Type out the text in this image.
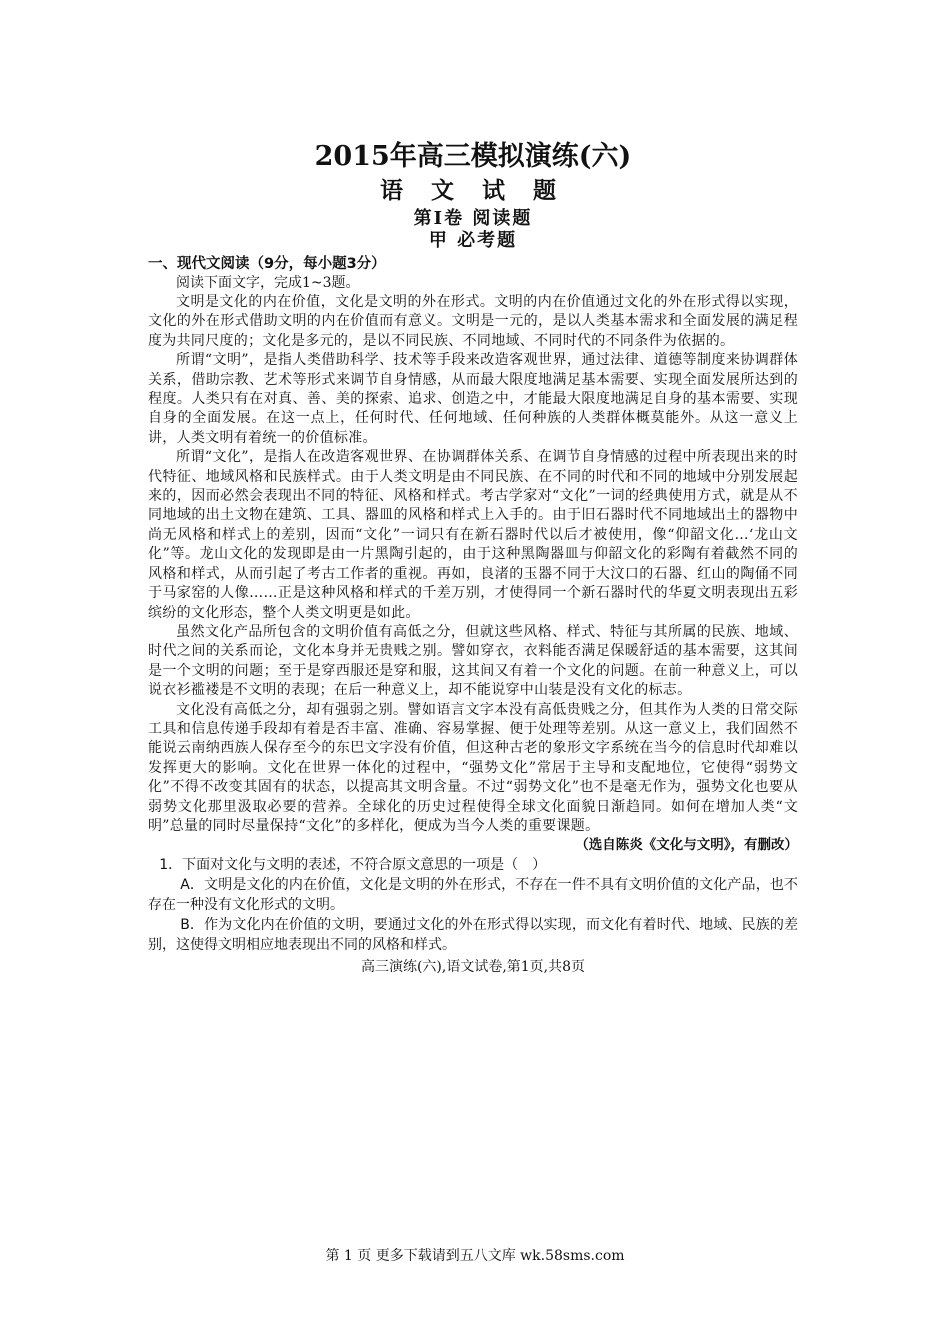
2015年高三模拟演练(六)
语 文 试 题
第Ⅰ卷 阅读题
甲 必考题
一、现代文阅读（9分，每小题3分）

阅读下面文字，完成1~3题。

文明是文化的内在价值，文化是文明的外在形式。文明的内在价值通过文化的外在形式得以实现，文化的外在形式借助文明的内在价值而有意义。文明是一元的，是以人类基本需求和全面发展的满足程度为共同尺度的；文化是多元的，是以不同民族、不同地域、不同时代的不同条件为依据的。

所谓“文明”，是指人类借助科学、技术等手段来改造客观世界，通过法律、道德等制度来协调群体关系，借助宗教、艺术等形式来调节自身情感，从而最大限度地满足基本需要、实现全面发展所达到的程度。人类只有在对真、善、美的探索、追求、创造之中，才能最大限度地满足自身的基本需要、实现自身的全面发展。在这一点上，任何时代、任何地域、任何种族的人类群体概莫能外。从这一意义上讲，人类文明有着统一的价值标准。

所谓“文化”，是指人在改造客观世界、在协调群体关系、在调节自身情感的过程中所表现出来的时代特征、地域风格和民族样式。由于人类文明是由不同民族、在不同的时代和不同的地域中分别发展起来的，因而必然会表现出不同的特征、风格和样式。考古学家对“文化”一词的经典使用方式，就是从不同地域的出土文物在建筑、工具、器皿的风格和样式上入手的。由于旧石器时代不同地域出土的器物中尚无风格和样式上的差别，因而“文化”一词只有在新石器时代以后才被使用，像“仰韶文化…‘龙山文化”等。龙山文化的发现即是由一片黑陶引起的，由于这种黑陶器皿与仰韶文化的彩陶有着截然不同的风格和样式，从而引起了考古工作者的重视。再如，良渚的玉器不同于大汶口的石器、红山的陶俑不同于马家窑的人像……正是这种风格和样式的千差万别，才使得同一个新石器时代的华夏文明表现出五彩缤纷的文化形态，整个人类文明更是如此。

虽然文化产品所包含的文明价值有高低之分，但就这些风格、样式、特征与其所属的民族、地域、时代之间的关系而论，文化本身并无贵贱之别。譬如穿衣，衣料能否满足保暖舒适的基本需要，这其间是一个文明的问题；至于是穿西服还是穿和服，这其间又有着一个文化的问题。在前一种意义上，可以说衣衫褴褛是不文明的表现；在后一种意义上，却不能说穿中山装是没有文化的标志。

文化没有高低之分，却有强弱之别。譬如语言文字本没有高低贵贱之分，但其作为人类的日常交际工具和信息传递手段却有着是否丰富、准确、容易掌握、便于处理等差别。从这一意义上，我们固然不能说云南纳西族人保存至今的东巴文字没有价值，但这种古老的象形文字系统在当今的信息时代却难以发挥更大的影响。文化在世界一体化的过程中，“强势文化”常居于主导和支配地位，它使得“弱势文化”不得不改变其固有的状态，以提高其文明含量。不过“弱势文化”也不是毫无作为，强势文化也要从弱势文化那里汲取必要的营养。全球化的历史过程使得全球文化面貌日渐趋同。如何在增加人类“文明”总量的同时尽量保持“文化”的多样化，便成为当今人类的重要课题。

（选自陈炎《文化与文明》，有删改）

1．下面对文化与文明的表述，不符合原文意思的一项是（　）

A．文明是文化的内在价值，文化是文明的外在形式，不存在一件不具有文明价值的文化产品，也不存在一种没有文化形式的文明。

B．作为文化内在价值的文明，要通过文化的外在形式得以实现，而文化有着时代、地域、民族的差别，这使得文明相应地表现出不同的风格和样式。

高三演练(六),语文试卷,第1页,共8页
第 1 页 更多下载请到五八文库 wk.58sms.com
